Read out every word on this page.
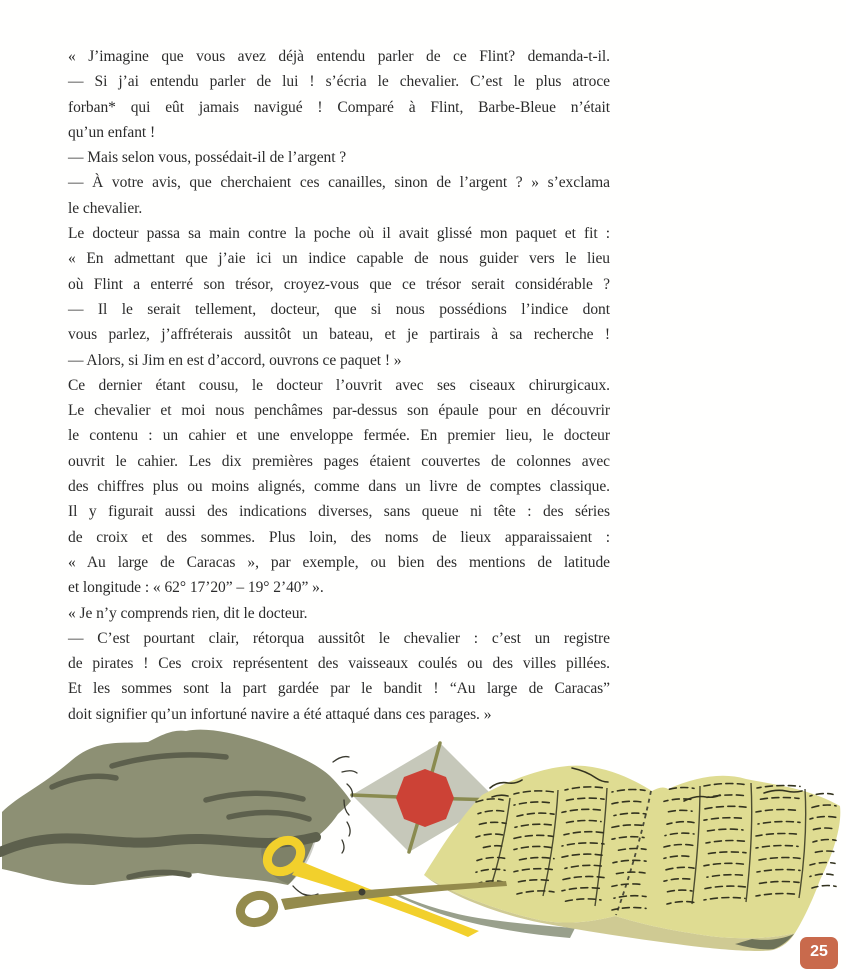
« J’imagine que vous avez déjà entendu parler de ce Flint? demanda-t-il.
— Si j’ai entendu parler de lui ! s’écria le chevalier. C’est le plus atroce
forban* qui eût jamais navigué ! Comparé à Flint, Barbe-Bleue n’était
qu’un enfant !
— Mais selon vous, possédait-il de l’argent ?
— À votre avis, que cherchaient ces canailles, sinon de l’argent ? » s’exclama
le chevalier.
Le docteur passa sa main contre la poche où il avait glissé mon paquet et fit :
« En admettant que j’aie ici un indice capable de nous guider vers le lieu
où Flint a enterré son trésor, croyez-vous que ce trésor serait considérable ?
— Il le serait tellement, docteur, que si nous possédions l’indice dont
vous parlez, j’affréterais aussitôt un bateau, et je partirais à sa recherche !
— Alors, si Jim en est d’accord, ouvrons ce paquet ! »
Ce dernier étant cousu, le docteur l’ouvrit avec ses ciseaux chirurgicaux.
Le chevalier et moi nous penchâmes par-dessus son épaule pour en découvrir
le contenu : un cahier et une enveloppe fermée. En premier lieu, le docteur
ouvrit le cahier. Les dix premières pages étaient couvertes de colonnes avec
des chiffres plus ou moins alignés, comme dans un livre de comptes classique.
Il y figurait aussi des indications diverses, sans queue ni tête : des séries
de croix et des sommes. Plus loin, des noms de lieux apparaissaient :
« Au large de Caracas », par exemple, ou bien des mentions de latitude
et longitude : « 62° 17’20” – 19° 2’40” ».
« Je n’y comprends rien, dit le docteur.
— C’est pourtant clair, rétorqua aussitôt le chevalier : c’est un registre
de pirates ! Ces croix représentent des vaisseaux coulés ou des villes pillées.
Et les sommes sont la part gardée par le bandit ! “Au large de Caracas”
doit signifier qu’un infortuné navire a été attaqué dans ces parages. »
25
